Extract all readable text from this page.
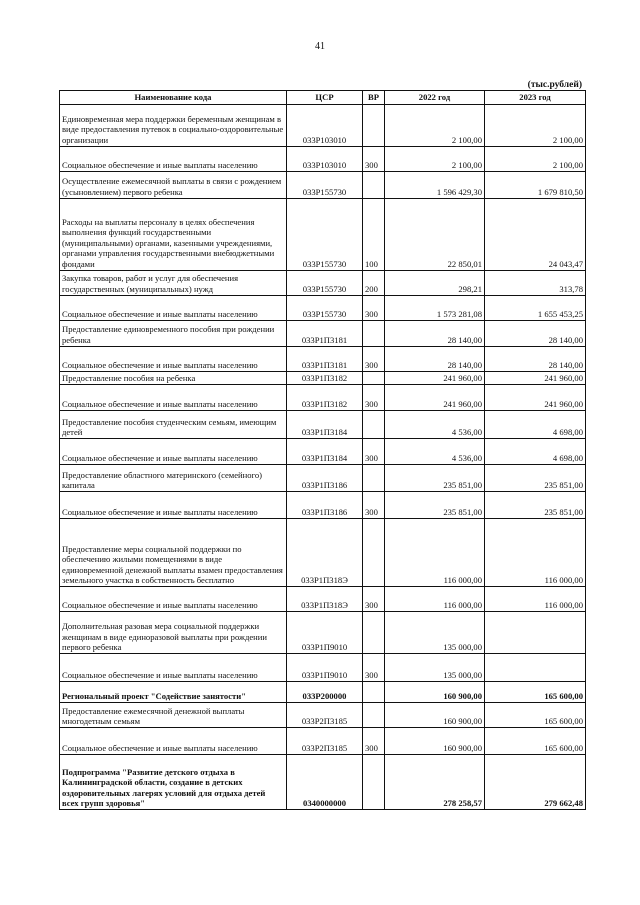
41
(тыс.рублей)
Наименование кода	ЦСР	ВР	2022 год	2023 год
Единовременная мера поддержки беременным женщинам в виде предоставления путевок в социально-оздоровительные организации	033Р103010		2 100,00	2 100,00
Социальное обеспечение и иные выплаты населению	033Р103010	300	2 100,00	2 100,00
Осуществление ежемесячной выплаты в связи с рождением (усыновлением) первого ребенка	033Р155730		1 596 429,30	1 679 810,50
Расходы на выплаты персоналу в целях обеспечения выполнения функций государственными (муниципальными) органами, казенными учреждениями, органами управления государственными внебюджетными фондами	033Р155730	100	22 850,01	24 043,47
Закупка товаров, работ и услуг для обеспечения государственных (муниципальных) нужд	033Р155730	200	298,21	313,78
Социальное обеспечение и иные выплаты населению	033Р155730	300	1 573 281,08	1 655 453,25
Предоставление единовременного пособия при рождении ребенка	033Р1П3181		28 140,00	28 140,00
Социальное обеспечение и иные выплаты населению	033Р1П3181	300	28 140,00	28 140,00
Предоставление пособия на ребенка	033Р1П3182		241 960,00	241 960,00
Социальное обеспечение и иные выплаты населению	033Р1П3182	300	241 960,00	241 960,00
Предоставление пособия студенческим семьям, имеющим детей	033Р1П3184		4 536,00	4 698,00
Социальное обеспечение и иные выплаты населению	033Р1П3184	300	4 536,00	4 698,00
Предоставление областного материнского (семейного) капитала	033Р1П3186		235 851,00	235 851,00
Социальное обеспечение и иные выплаты населению	033Р1П3186	300	235 851,00	235 851,00
Предоставление меры социальной поддержки по обеспечению жилыми помещениями в виде единовременной денежной выплаты взамен предоставления земельного участка в собственность бесплатно	033Р1П318Э		116 000,00	116 000,00
Социальное обеспечение и иные выплаты населению	033Р1П318Э	300	116 000,00	116 000,00
Дополнительная разовая мера социальной поддержки женщинам в виде единоразовой выплаты при рождении первого ребенка	033Р1П9010		135 000,00	
Социальное обеспечение и иные выплаты населению	033Р1П9010	300	135 000,00	
Региональный проект "Содействие занятости"	033Р200000		160 900,00	165 600,00
Предоставление ежемесячной денежной выплаты многодетным семьям	033Р2П3185		160 900,00	165 600,00
Социальное обеспечение и иные выплаты населению	033Р2П3185	300	160 900,00	165 600,00
Подпрограмма "Развитие детского отдыха в Калининградской области, создание в детских оздоровительных лагерях условий для отдыха детей всех групп здоровья"	0340000000		278 258,57	279 662,48
